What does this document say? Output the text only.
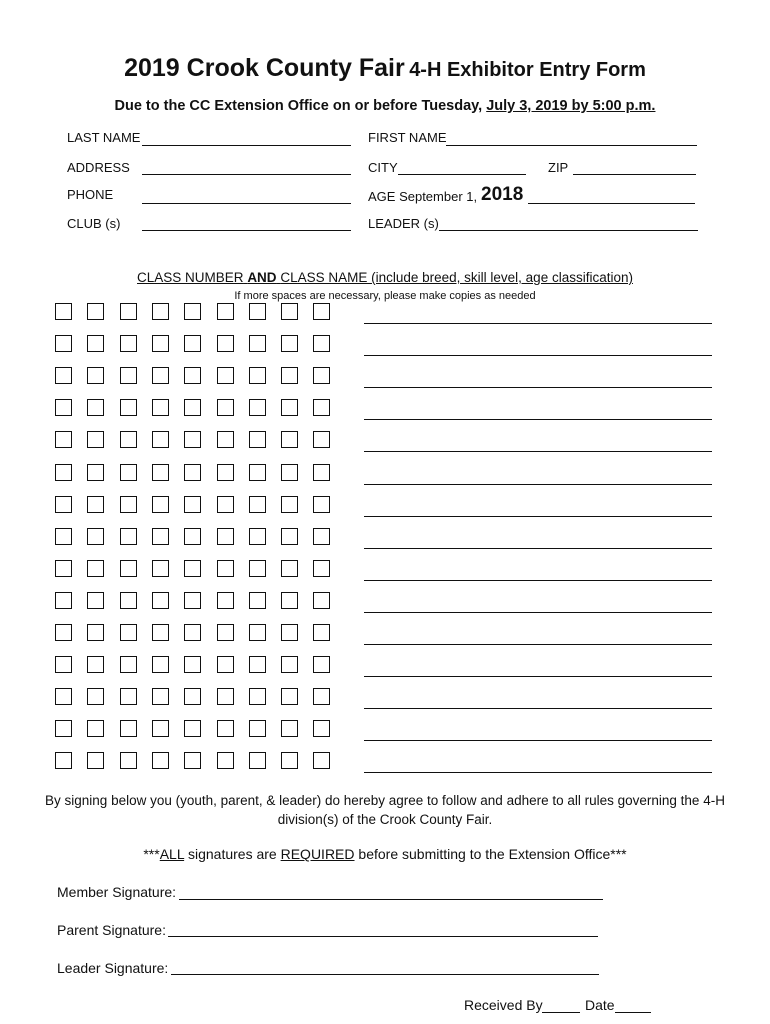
2019 Crook County Fair 4-H Exhibitor Entry Form
Due to the CC Extension Office on or before Tuesday, July 3, 2019 by 5:00 p.m.
LAST NAME	FIRST NAME
ADDRESS	CITY	ZIP
PHONE	AGE September 1, 2018
CLUB (s)	LEADER (s)
CLASS NUMBER AND CLASS NAME (include breed, skill level, age classification)
If more spaces are necessary, please make copies as needed
By signing below you (youth, parent, & leader) do hereby agree to follow and adhere to all rules governing the 4-H division(s) of the Crook County Fair.
***ALL signatures are REQUIRED before submitting to the Extension Office***
Member Signature:
Parent Signature:
Leader Signature:
Received By	Date
